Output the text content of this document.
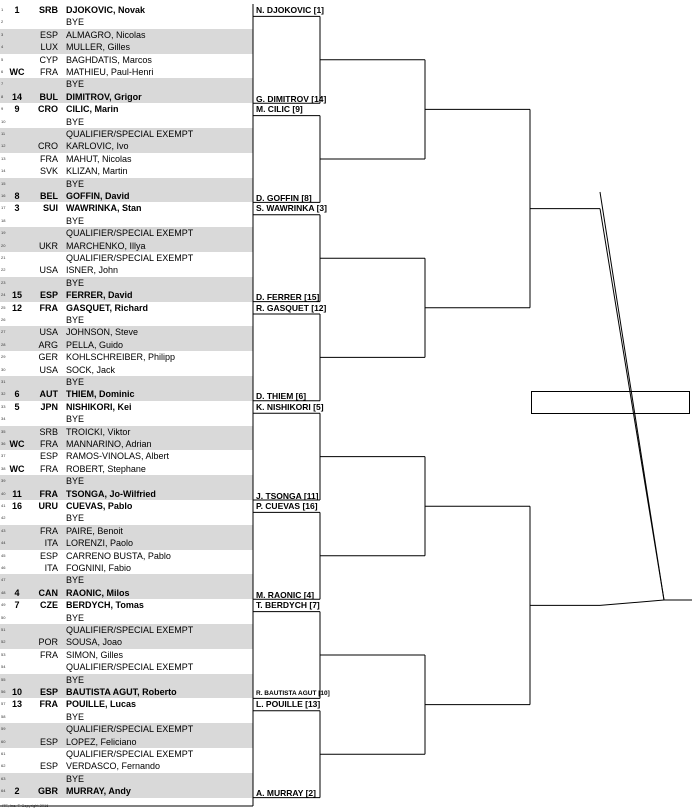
1	1	SRB DJOKOVIC, Novak
2	BYE
3	ESP ALMAGRO, Nicolas
4	LUX MULLER, Gilles
5	CYP BAGHDATIS, Marcos
6 WC	FRA MATHIEU, Paul-Henri
7	BYE
8 14	BUL DIMITROV, Grigor
9	9	CRO CILIC, Marin
10	BYE
11	QUALIFIER/SPECIAL EXEMPT
12	CRO KARLOVIC, Ivo
13	FRA MAHUT, Nicolas
14	SVK KLIZAN, Martin
15	BYE
16	8	BEL GOFFIN, David
17	3	SUI WAWRINKA, Stan
18	BYE
19	QUALIFIER/SPECIAL EXEMPT
20	UKR MARCHENKO, Illya
21	QUALIFIER/SPECIAL EXEMPT
22	USA ISNER, John
23	BYE
24 15	ESP FERRER, David
25 12	FRA GASQUET, Richard
26	BYE
27	USA JOHNSON, Steve
28	ARG PELLA, Guido
29	GER KOHLSCHREIBER, Philipp
30	USA SOCK, Jack
31	BYE
32	6	AUT THIEM, Dominic
33	5	JPN NISHIKORI, Kei
34	BYE
35	SRB TROICKI, Viktor
36 WC	FRA MANNARINO, Adrian
37	ESP RAMOS-VINOLAS, Albert
38 WC	FRA ROBERT, Stephane
39	BYE
40 11	FRA TSONGA, Jo-Wilfried
41 16	URU CUEVAS, Pablo
42	BYE
43	FRA PAIRE, Benoit
44	ITA LORENZI, Paolo
45	ESP CARRENO BUSTA, Pablo
46	ITA FOGNINI, Fabio
47	BYE
48	4	CAN RAONIC, Milos
49	7	CZE BERDYCH, Tomas
50	BYE
51	QUALIFIER/SPECIAL EXEMPT
52	POR SOUSA, Joao
53	FRA SIMON, Gilles
54	QUALIFIER/SPECIAL EXEMPT
55	BYE
56 10	ESP BAUTISTA AGUT, Roberto
57 13	FRA POUILLE, Lucas
58	BYE
59	QUALIFIER/SPECIAL EXEMPT
60	ESP LOPEZ, Feliciano
61	QUALIFIER/SPECIAL EXEMPT
62	ESP VERDASCO, Fernando
63	BYE
64	2	GBR MURRAY, Andy
N. DJOKOVIC [1]
G. DIMITROV [14]
M. CILIC [9]
D. GOFFIN [8]
S. WAWRINKA [3]
D. FERRER [15]
R. GASQUET [12]
D. THIEM [6]
K. NISHIKORI [5]
J. TSONGA [11]
P. CUEVAS [16]
M. RAONIC [4]
T. BERDYCH [7]
R. BAUTISTA AGUT [10]
L. POUILLE [13]
A. MURRAY [2]
ITF, Inc. © Copyright 2016
